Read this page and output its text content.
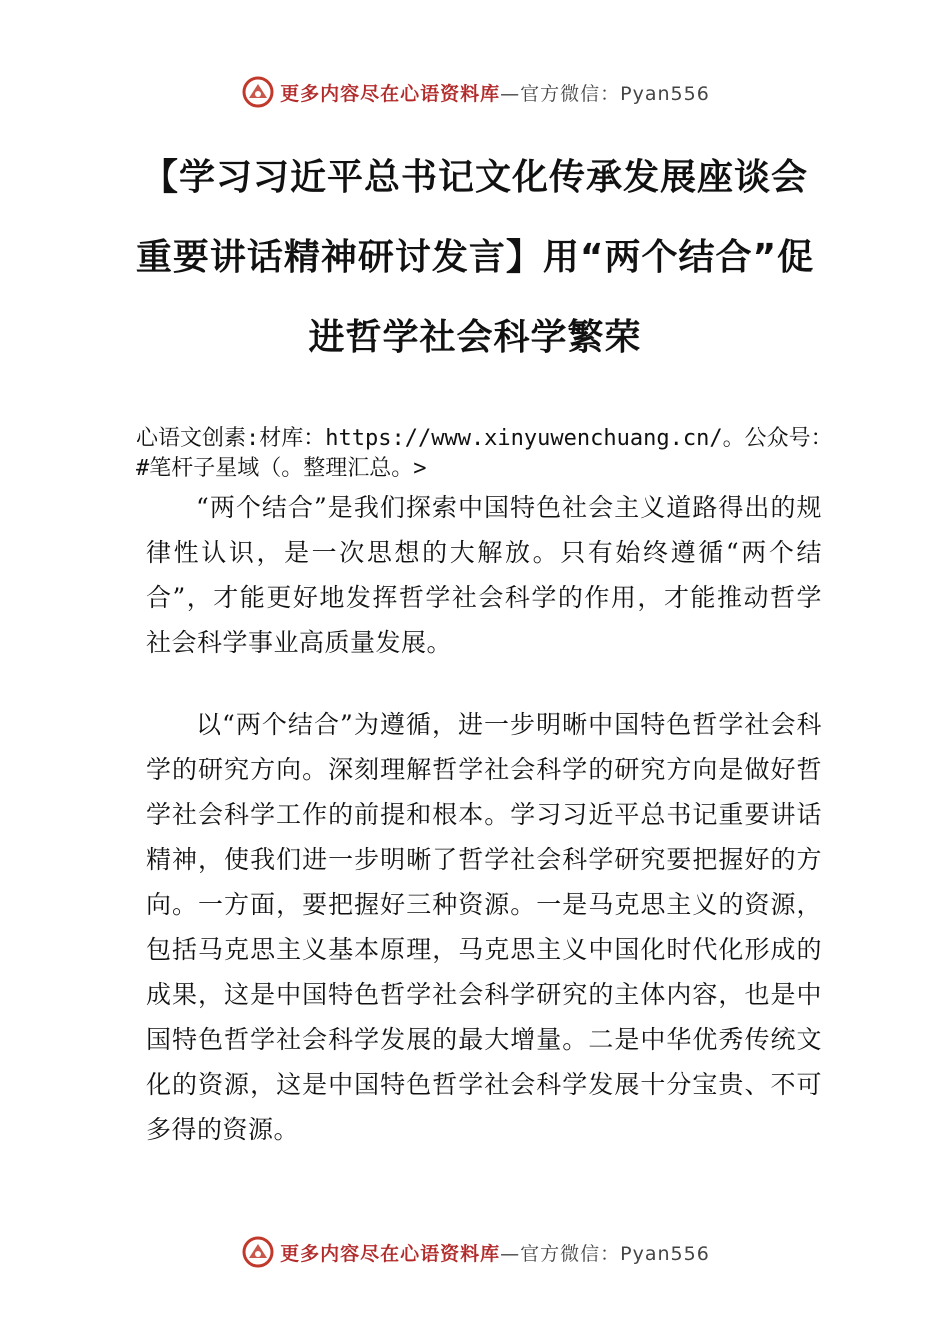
更多内容尽在心语资料库—官方微信：Pyan556
【学习习近平总书记文化传承发展座谈会
重要讲话精神研讨发言】用“两个结合”促
进哲学社会科学繁荣
心语文创素:材库：https://www.xinyuwenchuang.cn/。公众号：#笔杆子星域（。整理汇总。>
“两个结合”是我们探索中国特色社会主义道路得出的规律性认识，是一次思想的大解放。只有始终遵循“两个结合”，才能更好地发挥哲学社会科学的作用，才能推动哲学社会科学事业高质量发展。
以“两个结合”为遵循，进一步明晰中国特色哲学社会科学的研究方向。深刻理解哲学社会科学的研究方向是做好哲学社会科学工作的前提和根本。学习习近平总书记重要讲话精神，使我们进一步明晰了哲学社会科学研究要把握好的方向。一方面，要把握好三种资源。一是马克思主义的资源，包括马克思主义基本原理，马克思主义中国化时代化形成的成果，这是中国特色哲学社会科学研究的主体内容，也是中国特色哲学社会科学发展的最大增量。二是中华优秀传统文化的资源，这是中国特色哲学社会科学发展十分宝贵、不可多得的资源。
更多内容尽在心语资料库—官方微信：Pyan556
